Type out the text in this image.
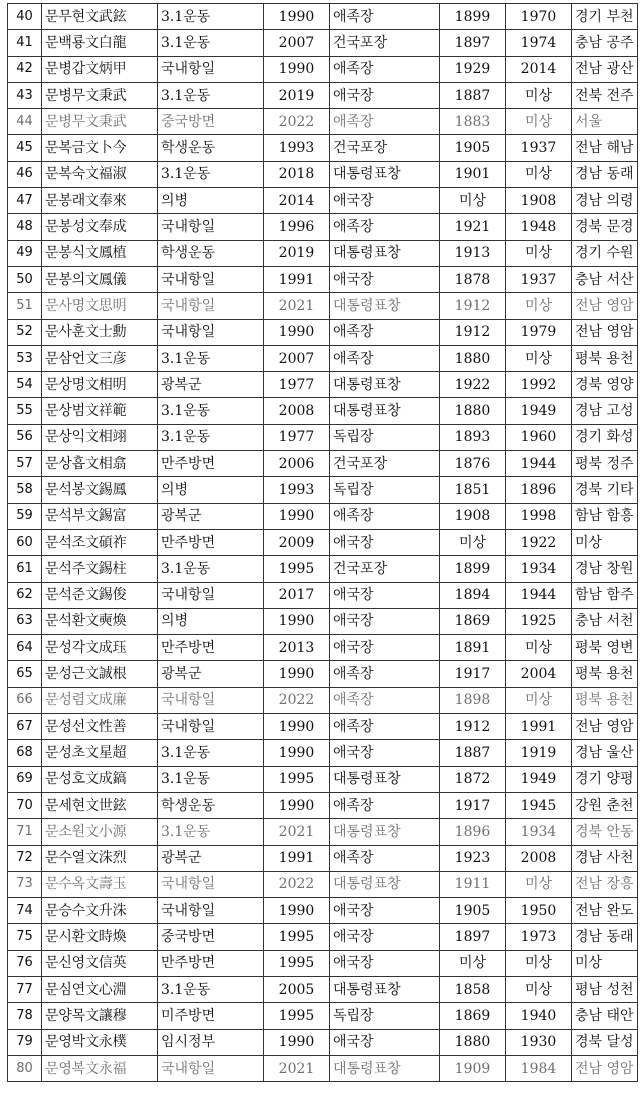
40	문무현文武鉉	3.1운동	1990	애족장	1899	1970	경기 부천
41	문백룡文白龍	3.1운동	2007	건국포장	1897	1974	충남 공주
42	문병갑文炳甲	국내항일	1990	애족장	1929	2014	전남 광산
43	문병무文秉武	3.1운동	2019	애국장	1887	미상	전북 전주
44	문병무文秉武	중국방면	2022	애족장	1883	미상	서울
45	문복금文卜今	학생운동	1993	건국포장	1905	1937	전남 해남
46	문복숙文福淑	3.1운동	2018	대통령표창	1901	미상	경남 동래
47	문봉래文奉來	의병	2014	애국장	미상	1908	경남 의령
48	문봉성文奉成	국내항일	1996	애족장	1921	1948	경북 문경
49	문봉식文鳳植	학생운동	2019	대통령표창	1913	미상	경기 수원
50	문봉의文鳳儀	국내항일	1991	애국장	1878	1937	충남 서산
51	문사명文思明	국내항일	2021	대통령표창	1912	미상	전남 영암
52	문사훈文士勳	국내항일	1990	애족장	1912	1979	전남 영암
53	문삼언文三彦	3.1운동	2007	애족장	1880	미상	평북 용천
54	문상명文相明	광복군	1977	대통령표창	1922	1992	경북 영양
55	문상범文祥範	3.1운동	2008	대통령표창	1880	1949	경남 고성
56	문상익文相翊	3.1운동	1977	독립장	1893	1960	경기 화성
57	문상흡文相翕	만주방면	2006	건국포장	1876	1944	평북 정주
58	문석봉文錫鳳	의병	1993	독립장	1851	1896	경북 기타
59	문석부文錫富	광복군	1990	애족장	1908	1998	함남 함흥
60	문석조文碩祚	만주방면	2009	애국장	미상	1922	미상
61	문석주文錫柱	3.1운동	1995	건국포장	1899	1934	경남 창원
62	문석준文錫俊	국내항일	2017	애국장	1894	1944	함남 함주
63	문석환文奭煥	의병	1990	애국장	1869	1925	충남 서천
64	문성각文成珏	만주방면	2013	애국장	1891	미상	평북 영변
65	문성근文誠根	광복군	1990	애족장	1917	2004	평북 용천
66	문성렴文成廉	국내항일	2022	애족장	1898	미상	평북 용천
67	문성선文性善	국내항일	1990	애족장	1912	1991	전남 영암
68	문성초文星超	3.1운동	1990	애국장	1887	1919	경남 울산
69	문성호文成鎬	3.1운동	1995	대통령표창	1872	1949	경기 양평
70	문세현文世鉉	학생운동	1990	애족장	1917	1945	강원 춘천
71	문소원文小源	3.1운동	2021	대통령표창	1896	1934	경북 안동
72	문수열文洙烈	광복군	1991	애족장	1923	2008	경남 사천
73	문수옥文壽玉	국내항일	2022	대통령표창	1911	미상	전남 장흥
74	문승수文升洙	국내항일	1990	애국장	1905	1950	전남 완도
75	문시환文時煥	중국방면	1995	애국장	1897	1973	경남 동래
76	문신영文信英	만주방면	1995	애국장	미상	미상	미상
77	문심연文心淵	3.1운동	2005	대통령표창	1858	미상	평남 성천
78	문양목文讓穆	미주방면	1995	독립장	1869	1940	충남 태안
79	문영박文永樸	임시정부	1990	애국장	1880	1930	경북 달성
80	문영복文永福	국내항일	2021	대통령표창	1909	1984	전남 영암
